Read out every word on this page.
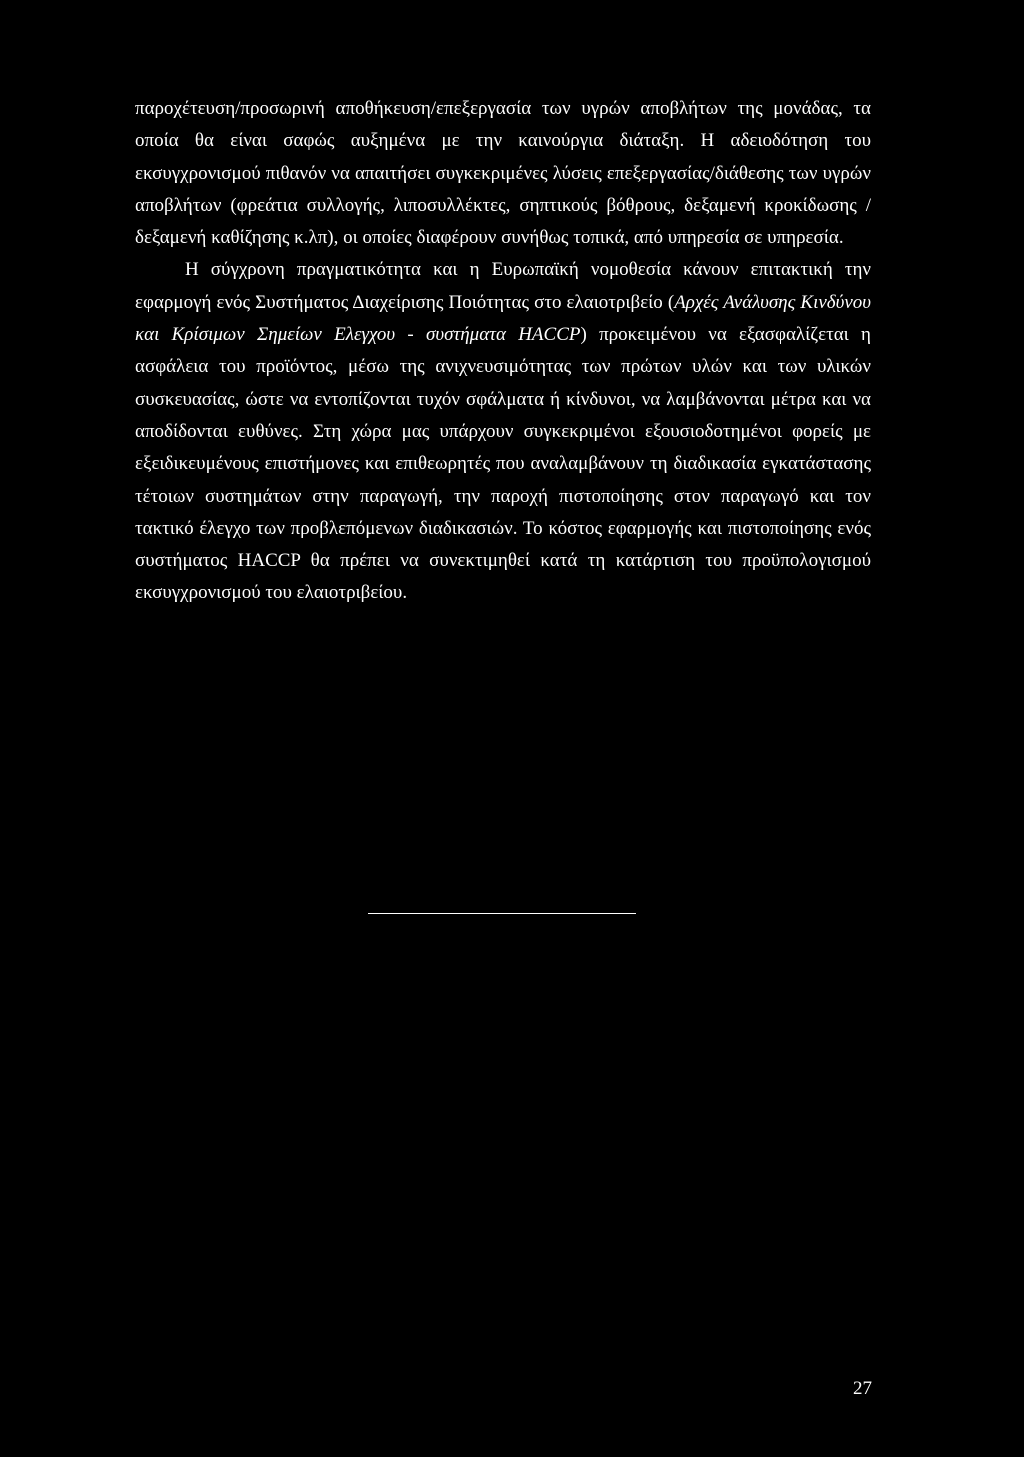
παροχέτευση/προσωρινή αποθήκευση/επεξεργασία των υγρών αποβλήτων της μονάδας, τα οποία θα είναι σαφώς αυξημένα με την καινούργια διάταξη. Η αδειοδότηση του εκσυγχρονισμού πιθανόν να απαιτήσει συγκεκριμένες λύσεις επεξεργασίας/διάθεσης των υγρών αποβλήτων (φρεάτια συλλογής, λιποσυλλέκτες, σηπτικούς βόθρους, δεξαμενή κροκίδωσης / δεξαμενή καθίζησης κ.λπ), οι οποίες διαφέρουν συνήθως τοπικά, από υπηρεσία σε υπηρεσία.

Η σύγχρονη πραγματικότητα και η Ευρωπαϊκή νομοθεσία κάνουν επιτακτική την εφαρμογή ενός Συστήματος Διαχείρισης Ποιότητας στο ελαιοτριβείο (Αρχές Ανάλυσης Κινδύνου και Κρίσιμων Σημείων Ελεγχου - συστήματα HACCP) προκειμένου να εξασφαλίζεται η ασφάλεια του προϊόντος, μέσω της ανιχνευσιμότητας των πρώτων υλών και των υλικών συσκευασίας, ώστε να εντοπίζονται τυχόν σφάλματα ή κίνδυνοι, να λαμβάνονται μέτρα και να αποδίδονται ευθύνες. Στη χώρα μας υπάρχουν συγκεκριμένοι εξουσιοδοτημένοι φορείς με εξειδικευμένους επιστήμονες και επιθεωρητές που αναλαμβάνουν τη διαδικασία εγκατάστασης τέτοιων συστημάτων στην παραγωγή, την παροχή πιστοποίησης στον παραγωγό και τον τακτικό έλεγχο των προβλεπόμενων διαδικασιών. Το κόστος εφαρμογής και πιστοποίησης ενός συστήματος HACCP θα πρέπει να συνεκτιμηθεί κατά τη κατάρτιση του προϋπολογισμού εκσυγχρονισμού του ελαιοτριβείου.

27
